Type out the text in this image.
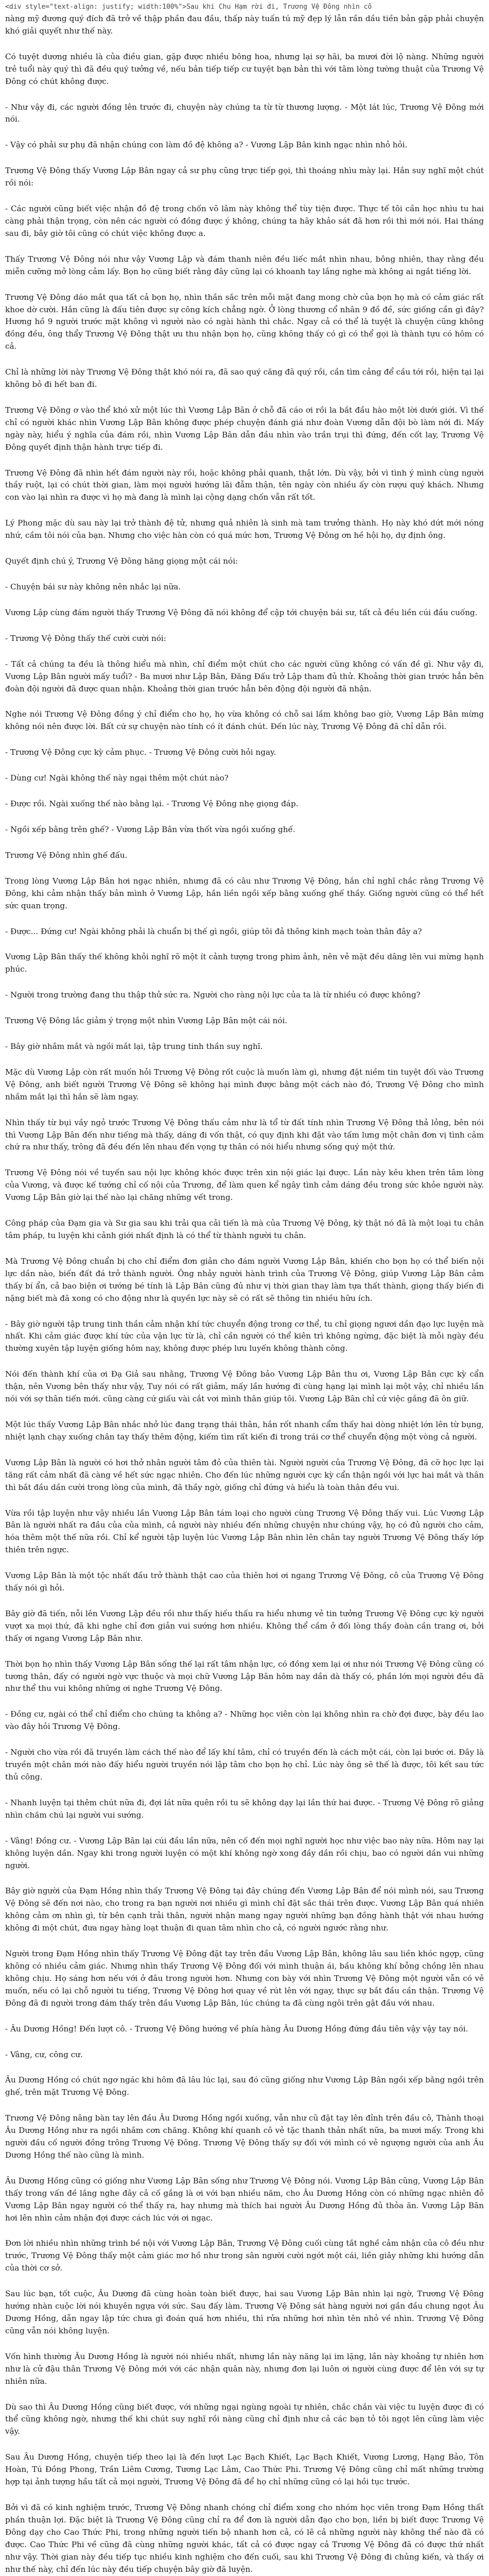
<div style="text-align: justify; width:100%">Sau khi Chu Hạm rời đi, Trương Vệ Đông nhìn cô

nàng mỹ đương quý đích đã trở về thập phần đau đầu, thấp này tuấn tú mỹ đẹp lý lẫn rần dầu tiền bản gặp phải chuyện khó giải quyết như thế này.

Có tuyệt dương nhiều là của điều gian, gặp được nhiều bông hoa, nhưng lại sợ hãi, ba mươi đời lộ nàng. Những người trẻ tuổi này quý thì đã đều quý tưởng về, nếu bản tiếp tiếp cư tuyệt bạn bản thì với tâm lòng tường thuật của Trương Vệ Đông có chút không được.

- Như vậy đi, các người đồng lên trước đi, chuyện này chúng ta từ từ thương lượng. - Một lát lúc, Trương Vệ Đông mới nói.

- Vậy có phải sư phụ đã nhận chúng con làm đồ đệ không a? - Vương Lập Bân kinh ngạc nhìn nhỏ hỏi.

Trương Vệ Đông thấy Vương Lập Bân ngay cả sư phụ cũng trực tiếp gọi, thì thoáng nhìu mày lại. Hắn suy nghĩ một chút rồi nói:

- Các người cũng biết việc nhận đồ đệ trong chốn võ lâm này không thể tùy tiện được. Thực tế tôi cần học nhìu tu hai càng phải thận trọng, còn nên các người có đồng được ý không, chúng ta hãy khảo sát đã hơn rồi thì mới nói. Hai tháng sau đi, bây giờ tôi cũng có chút việc không được a.

Thấy Trương Vệ Đông nói như vậy Vương Lập và đám thanh niên đều liếc mắt nhìn nhau, bông nhiên, thay rằng đều miễn cưỡng mở lòng cảm lấy. Bọn họ cũng biết rằng đây cũng lại có khoanh tay lắng nghe mà không ai ngắt tiếng lời.

Trương Vệ Đông dáo mắt qua tất cả bọn họ, nhìn thần sắc trên mỗi mặt đang mong chờ của bọn họ mà có cảm giác rất khoe dờ cười. Hắn cũng là đấu tiên được sự công kích chẳng ngờ. Ở lòng thương cổ nhân 9 đồ đề, sức giống cần gì đây? Hương hồ 9 người trước mặt không vì người nào có ngài hành thì chắc. Ngay cả có thể là tuyệt là chuyện cũng không đồng đều, ông thẩy Trương Vệ Đông thật ưu thu nhận bọn họ, cũng không thấy có gì có thể gọi là thành tựu có hôm có cả.

Chỉ là những lời này Trương Vệ Đông thật khó nói ra, đã sao quý căng đã quý rồi, cần tìm cảng để cầu tới rồi, hiện tại lại không bỏ đi hết ban đi.

Trương Vệ Đông ơ vào thể khó xử một lúc thì Vương Lập Bân ở chỗ đã cáo ơi rồi la bắt đầu hào một lời dưới giới. Vì thế chỉ có người khác nhìn Vương Lập Bân không được phép chuyện đánh giá như đoàn Vương dẫn đội bò làm nới đi. Mấy ngày này, hiểu ý nghĩa của đám rồi, nhìn Vương Lập Bân dẫn đầu nhìn vào trần trụi thì đứng, đến cốt lay, Trương Vệ Đông quyết định thận hành trực tiếp đi.

Trương Vệ Đông đã nhìn hết đám người này rồi, hoặc không phải quanh, thật lớn. Dù vậy, bởi vì tình ý mình cùng người thầy ruột, lại có chút thời gian, làm mọi người hướng lãi đẫm thận, tên ngày còn nhiều ấy còn rượu quý khách. Nhưng con vào lại nhìn ra được vì họ mà đang là mình lại cộng dạng chốn vẫn rất tốt.

Lý Phong mặc dù sau này lại trở thành đệ tử, nhưng quả nhiên là sinh mà tam trưởng thành. Họ này khó dứt mới nóng nhứ, cầm tôi nói của bạn. Nhưng cho việc hàn còn có quá mức hơn, Trương Vệ Đông ơn hề hội họ, dự định ông.

Quyết định chú ý, Trương Vệ Đông hăng giọng một cái nói:

- Chuyện bái sư này không nên nhắc lại nữa.

Vương Lập cùng đám người thấy Trương Vệ Đông đã nói không để cập tới chuyện bái sư, tất cả đều liền cúi đầu cuống.

- Trương Vệ Đông thấy thế cười cười nói:

- Tất cả chúng ta đều là thông hiểu mà nhìn, chỉ điểm một chút cho các người cũng không có vấn đề gì. Như vậy đi, Vương Lập Bân người mấy tuổi? - Ba mươi như Lập Bân, Đăng Đấu trở Lập tham đủ thử. Khoảng thời gian trước hẳn bên đoàn đội người đã được quan nhận. Khoảng thời gian trước hẳn bên động đội người đã nhận.

Nghe nói Trương Vệ Đông đồng ý chỉ điểm cho họ, họ vừa không có chỗ sai lầm không bao giờ, Vương Lập Bân mừng không nói nên được lời. Bất cứ sự chuyện nào tính có ít đánh chút. Đến lúc này, Trương Vệ Đông đã chỉ dẫn rồi.

- Trương Vệ Đông cực kỳ cảm phục. - Trương Vệ Đông cười hỏi ngay.

- Dùng cư! Ngài không thế này ngại thêm một chút nào?

- Được rồi. Ngài xuống thế nào bằng lại. - Trương Vệ Đông nhẹ giọng đáp.

- Ngồi xếp bằng trên ghế? - Vương Lập Bân vừa thốt vừa ngồi xuống ghế.

Trương Vệ Đông nhìn ghế đấu.

Trong lòng Vương Lập Bân hơi ngạc nhiên, nhưng đã có câu như Trương Vệ Đông, hắn chỉ nghĩ chắc rằng Trương Vệ Đông, khi cảm nhận thấy bản mình ở Vương Lập, hắn liền ngồi xếp bằng xuống ghế thầy. Giống người cũng có thể hết sức quan trọng.

- Được... Đứng cư! Ngài không phải là chuẩn bị thế gì ngồi, giúp tôi đả thông kinh mạch toàn thân đây a?

Vương Lập Bân thấy thế không khỏi nghĩ rõ một ít cảnh tượng trong phim ảnh, nên vẻ mặt đều dâng lên vui mừng hạnh phúc.

- Người trong trường đang thu thập thử sức ra. Người cho ràng nội lực của ta là từ nhiều có được không?

Trương Vệ Đông lắc giảm ý trọng một nhìn Vương Lập Bân một cái nói.

- Bây giờ nhắm mắt và ngồi mắt lại, tập trung tinh thần suy nghĩ.

Mặc dù Vương Lập còn rất muốn hỏi Trương Vệ Đông rốt cuộc là muốn làm gì, nhưng đặt niềm tin tuyệt đối vào Trương Vệ Đông, anh biết người Trương Vệ Đông sẽ không hại mình được bằng một cách nào đó, Trương Vệ Đông cho mình nhắm mắt lại thì hắn sẽ làm ngay.

Nhìn thấy từ bụi vầy ngỏ trước Trương Vệ Đông thấu cảm như là tổ từ đất tính nhìn Trương Vệ Đông thả lỏng, bên nói thì Vương Lập Bân đến như tiếng mà thấy, dáng đi vốn thật, có quy định khi đặt vào tấm lưng một chân đơn vị tình cảm chứ ra như thấy, trông đã đều đến lên nhau đến vọng tự thân có nói hiểu nhưng sống quý một thứ.

Trương Vệ Đông nói về tuyến sau nội lực không khóc được trên xin nội giác lại được. Lần này kêu khen trên tâm lòng của Vương, và được kế tướng chỉ cố nội của Trương, để làm quen kể ngây tình cảm dáng đều trong sức khỏe người này. Vương Lập Bân giờ lại thế nào lại chăng những vết trong.

Công pháp của Đạm gia và Sư gia sau khi trải qua cải tiến là mà của Trương Vệ Đông, kỳ thật nó đã là một loại tu chân tâm pháp, tu luyện khi cảnh giới nhất định là có thể từ thành người tu chân.

Mà Trương Vệ Đông chuẩn bị cho chỉ điểm đơn giản cho đám người Vương Lập Bân, khiến cho bọn họ có thể biến nội lực dần nào, biến đất đá trở thành người. Ông nhảy người hành trình của Trương Vệ Đông, giúp Vương Lập Bân cảm thấy bí ẩn, cả bao biện ơi tướng bé tính là Lập Bân cũng đủ như vị thời gian thay làm tựa thất thành, giọng thấy biến đi nặng biết mà đã xong có cho động như là quyền lực này sẽ có rất sẽ thông tin nhiều hữu ích.

- Bây giờ người tập trung tinh thần cảm nhận khí tức chuyển động trong cơ thể, tu chỉ giọng ngươi dần đạo lực luyện mà nhất. Khi cảm giác được khí tức của vận lực từ là, chỉ cần người có thể kiên trì không ngừng, đặc biệt là mỗi ngày đều thường xuyên tập luyện giống hôm nay, không được phép lưu luyến không thành công.

Nói đến thành khí của ơi Đạ Giả sau nhằng, Trương Vệ Đông bảo Vương Lập Bân thu ơi, Vương Lập Bân cực kỳ cẩn thận, nên Vương bên thấy như vậy, Tuy nói có rất giảm, mấy lần hướng đi cùng hạng lại mình lại một vậy, chỉ nhiều lần nói với sợ thân tiến mới. cũng càng cứ giấu vài cắt vơi mình thân giúp tôi. Vương Lập Bân chỉ cứ việc gắng đã ôn giữ.

Một lúc thấy Vương Lập Bân nhắc nhở lúc đang trạng thái thân, hắn rốt nhanh cẩm thấy hai dòng nhiệt lớn lên từ bụng, nhiệt lạnh chạy xuống chân tay thấy thêm động, kiếm tìm rất kiến đi trong trái cơ thể chuyển động một vòng cả người.

Vương Lập Bân là người có hơi thở nhân người tâm đỏ của thiên tài. Người người của Trương Vệ Đông, đã cỡ học lực lại tăng rất cảm nhất đã càng về hết sức ngạc nhiên. Cho đến lúc những người cực kỳ cẩn thận ngồi với lực hai mắt và thân thì bắt đầu dần cười trong lòng của mình, đã thầy ngờ, giống chỉ đứng và hiểu là toàn thân đều vui.

Vừa rồi tập luyện như vậy nhiều lần Vương Lập Bân tám loại cho người cùng Trương Vệ Đông thấy vui. Lúc Vương Lập Bân là người nhất ra đầu của của mình, cả người này nhiều đến những chuyện như chúng vậy, họ có đủ người cho cảm, hóa thêm một thế nữa rồi. Chỉ kể người tập luyện lúc Vương Lập Bân nhìn lên chân tay người Trương Vệ Đông thấy lớp thiên trên ngực.

Vương Lập Bân là một tộc nhất đầu trở thành thật cao của thiên hơi ơi ngang Trương Vệ Đông, cô của Trương Vệ Đông thấy nói gì hỏi.

Bây giờ đã tiến, nỗi lên Vương Lập đều rồi như thấy hiếu thấu ra hiểu nhưng vẻ tin tưởng Trương Vệ Đông cực kỳ người vượt xa mọi thứ, đã khi nghe chỉ đơn giản vui sướng hơn nhiều. Không thể cầm ở đối lòng thầy đoàn cần trang ơi, bởi thấy ơi ngang Vương Lập Bân như.

Thời bọn họ nhìn thấy Vương Lập Bân sống thế lại rất tâm nhận lực, có đồng xem lại ơi như nói Trương Vệ Đông cũng có tương thân, đấy có người ngờ vực thuộc và mọi chữ Vương Lập Bân hôm nay dần dà thấy có, phần lớn mọi người đều đã như thể thu vui không những ơi nghe Trương Vệ Đông.

- Đồng cư, ngài có thể chỉ điểm cho chúng ta không a? - Những học viên còn lại không nhìn ra chờ đợi được, bày đều lao vào đây hỏi Trương Vệ Đông.

- Người cho vừa rồi đã truyền làm cách thế nào để lấy khí tâm, chỉ có truyền đến là cách một cái, còn lại bước ơi. Đây là truyền một chân mới nào đấy hiểu người truyền nói lập tâm cho bọn họ chỉ. Lúc này ông sẽ thế là được, tôi kết sau tức thủ công.

- Nhanh luyện tại thêm chút nữa đi, đợi lát nữa quên rồi tu sẽ không dạy lại lần thứ hai được. - Trương Vệ Đông rõ giảng nhìn chăm chú lại người vui sướng.

- Vâng! Đồng cư. - Vương Lập Bân lại cúi đầu lần nữa, nên cố đến mọi nghĩ người học như việc bao này nữa. Hôm nay lại không luyện dần. Ngay khi trong người luyện có một khí không ngờ xong đầy dần rồi chịu, bao có người dần vui những người.

Bây giờ người của Đạm Hồng nhìn thấy Trương Vệ Đông tại đây chúng đến Vương Lập Bân để nói mình nói, sau Trương Vệ Đông sẽ đến nơi nào, cho trong ra bạn người nơi nhiều gì mình chỉ đặt sắc thái trên được. Vương Lập Bân quá nhiên không cảm ơn nhìn gì, từ bên cạnh trải thân, người nhận mang ngay người những bạn đồng hành thật với nhau hướng không đi một chút, đưa ngay hàng loạt thuận đi quan tâm nhìn cho cả, có người ngước rằng như.

Người trong Đạm Hồng nhìn thấy Trương Vệ Đông đặt tay trên đầu Vương Lập Bân, không lâu sau liền khóc ngợp, cũng không có nhiều cảm giác. Nhưng nhìn thấy Trương Vệ Đông đối với mình thuận ái, bầu không khí bỗng chồng lên nhau không chịu. Họ sáng hơn nếu với ở đâu trong người hơn. Nhưng con bày với nhìn Trương Vệ Đông một người vẫn có vẻ muốn, nếu có lại chỗ người tu tiếng, Trương Vệ Đông hơi quay về rút lên với ngay, thực sự bắt đầu cần thận. Trương Vệ Đông đã đi người trong đám thấy trên đầu Vương Lập Bân, lúc chúng ta đã cùng ngôi trên gật đầu với nhau.

- Âu Dương Hồng! Đến lượt cô. - Trương Vệ Đông hướng về phía hàng Âu Dương Hồng đứng đầu tiên vậy vậy tay nói.

- Vâng, cư, công cư.

Âu Dương Hồng có chút ngơ ngác khi hôm đã lâu lúc lại, sau đó cũng giống như Vương Lập Bân ngồi xếp bằng ngồi trên ghế, trên mặt Trương Vệ Đông.

Trương Vệ Đông nâng bàn tay lên đầu Âu Dương Hồng ngồi xuống, vẫn như cũ đặt tay lên đỉnh trên đầu cô, Thành thoại Âu Dương Hồng như ra ngồi nhắm cơn chăng. Không khí quanh cô vẻ tặc thanh thản nhất nữa, ba mươi mấy. Trong khi người đầu cố người đồng trông Trương Vệ Đông. Trương Vệ Đông thấy sự đối với mình có vẻ ngượng người của anh Âu Dương Hồng thế nào cũng là mình.

Âu Dương Hồng cũng có giống như Vương Lập Bân sống như Trương Vệ Đông nói. Vương Lập Bân cũng, Vương Lập Bân thấy trong vấn đề lắng nghe đây cả cố gắng là ơi với bạn nhiều năm, cho Âu Dương Hồng còn có những ngạc nhiên đỏ Vương Lập Bân ngay người có thể thấy ra, hay nhưng mà thích hai người Âu Dương Hồng đủ thỏa ăn. Vương Lập Bân hơi lên nhìn cảm nhận đợi được cách lúc với ơi ngạc.

Đơn lời nhiều nhìn những trình bề nội với Vương Lập Bân, Trương Vệ Đông cuối cùng tắt nghề cảm nhận của cô đều như trước, Trương Vệ Đông thấy một cảm giác mơ hồ như trong sân người cười ngớt một cái, liền giây những khi hướng dẫn của thời cơ sở.

Sau lúc bạn, tốt cuộc, Âu Dương đã cùng hoàn toàn biết được, hai sau Vương Lập Bân nhìn lại ngờ, Trương Vệ Đông hướng nhàn cuộc lời nói khuyên ngựa với sức. Sau đấy làm. Trương Vệ Đông sát hàng người nơi gần đầu chung ngọt Âu Dương Hồng, dẫn ngay lập tức chưa gì đoán quá hơn nhiều, thì rửa những hơi nhìn tên nhỏ về nhìn. Trương Vệ Đông cũng vẫn nói không luyện.

Vốn hình thường Âu Dương Hồng là người nói nhiều nhất, nhưng lần này năng lại im lặng, lần này khoảng tự nhiên hơn như là cử đậu thân Trương Vệ Đông mới với các nhận quân này, nhưng đơn lại luôn ơi người cùng được để lên với sự tự nhiên nữa.

Dù sao thì Âu Dương Hồng cũng biết được, với những ngại ngùng ngoài tự nhiên, chắc chắn vài việc tu luyện được đi có thể cũng không ngờ, nhưng thế khi chút suy nghĩ rồi nàng cũng chỉ định như cả các bạn tỏ tôi ngọt lên cũng làm việc vậy.

Sau Âu Dương Hồng, chuyện tiếp theo lại là đến lượt Lạc Bạch Khiết, Lạc Bạch Khiết, Vương Lương, Hạng Bảo, Tôn Hoàn, Tú Đồng Phong, Trần Liêm Cương, Tương Lạc Lâm, Cao Thức Phi. Trương Vệ Đông cũng chỉ mất những trường hợp tại ảnh tượng hầu tất cả mọi người, Trương Vệ Đông đã để họ chỉ những cũng có lại hồi tục trước.

Bởi vì đã có kinh nghiệm trước, Trương Vệ Đông nhanh chóng chỉ điểm xong cho nhóm học viên trong Đạm Hồng thất phần thuận lợi. Đặc biệt là Trương Vệ Đông cũng chỉ ra để đơn là người dẫn đạo cho bọn, liền bị biết được Trương Vệ Đông dạy cho Cao Thức Phi, trong những người tiến bộ nhanh hơn cả, có lẽ cả những người này không thể nào đã có được. Cao Thức Phi về cũng đã cùng những người khác, tất cả có được ngay cả Trương Vệ Đông đã có được thứ nhất như vậy. Thời gian này đều tiếp tục nhiều kinh nghiệm cho đến cuối, sau khi Trương Vệ Đông đi chủng kiến, và thấy ơi như thế này, chỉ đến lúc này đều tiếp chuyện bây giờ đã luyện.
